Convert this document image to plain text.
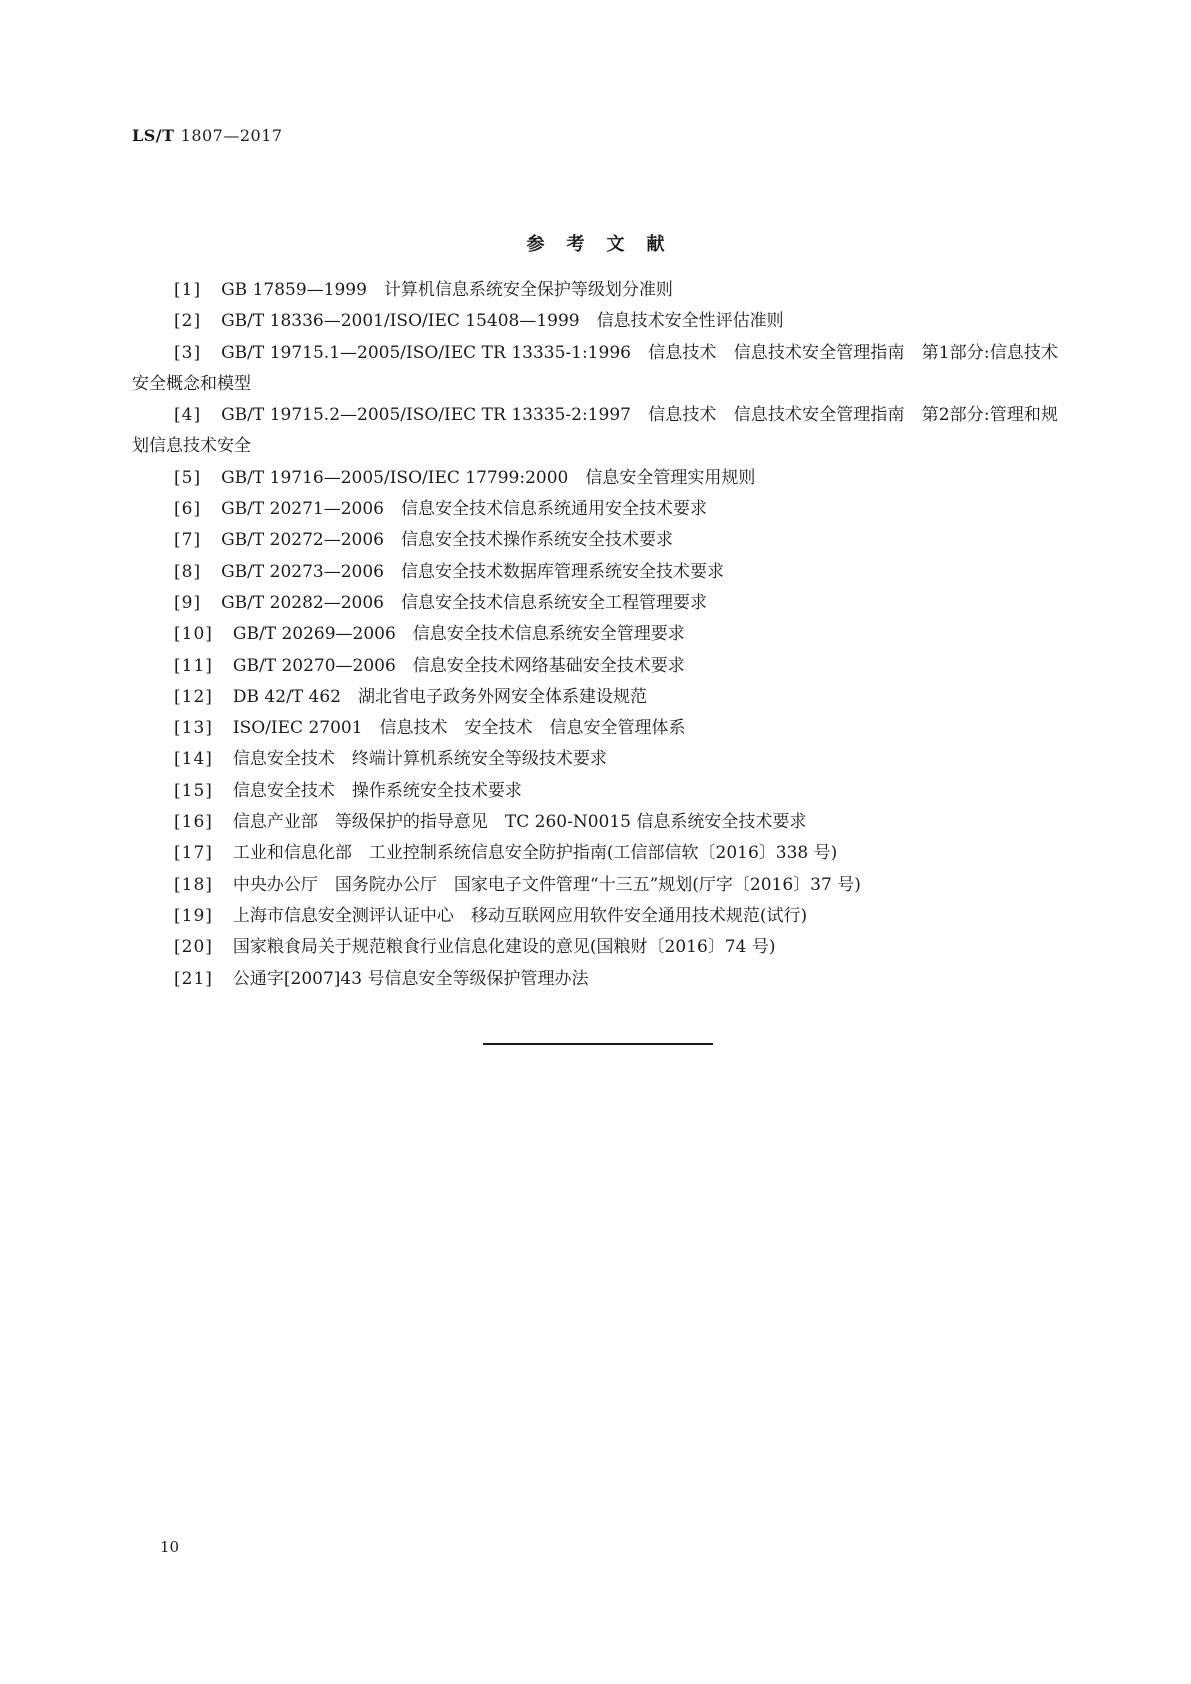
LS/T 1807—2017
参考文献

[1] GB 17859—1999　计算机信息系统安全保护等级划分准则

[2] GB/T 18336—2001/ISO/IEC 15408—1999　信息技术安全性评估准则

[3] GB/T 19715.1—2005/ISO/IEC TR 13335-1:1996　信息技术　信息技术安全管理指南　第1部分:信息技术安全概念和模型

[4] GB/T 19715.2—2005/ISO/IEC TR 13335-2:1997　信息技术　信息技术安全管理指南　第2部分:管理和规划信息技术安全

[5] GB/T 19716—2005/ISO/IEC 17799:2000　信息安全管理实用规则

[6] GB/T 20271—2006　信息安全技术信息系统通用安全技术要求

[7] GB/T 20272—2006　信息安全技术操作系统安全技术要求

[8] GB/T 20273—2006　信息安全技术数据库管理系统安全技术要求

[9] GB/T 20282—2006　信息安全技术信息系统安全工程管理要求

[10] GB/T 20269—2006　信息安全技术信息系统安全管理要求

[11] GB/T 20270—2006　信息安全技术网络基础安全技术要求

[12] DB 42/T 462　湖北省电子政务外网安全体系建设规范

[13] ISO/IEC 27001　信息技术　安全技术　信息安全管理体系

[14] 信息安全技术　终端计算机系统安全等级技术要求

[15] 信息安全技术　操作系统安全技术要求

[16] 信息产业部　等级保护的指导意见　TC 260-N0015 信息系统安全技术要求

[17] 工业和信息化部　工业控制系统信息安全防护指南(工信部信软〔2016〕338 号)

[18] 中央办公厅　国务院办公厅　国家电子文件管理“十三五”规划(厅字〔2016〕37 号)

[19] 上海市信息安全测评认证中心　移动互联网应用软件安全通用技术规范(试行)

[20] 国家粮食局关于规范粮食行业信息化建设的意见(国粮财〔2016〕74 号)

[21] 公通字[2007]43 号信息安全等级保护管理办法

10
